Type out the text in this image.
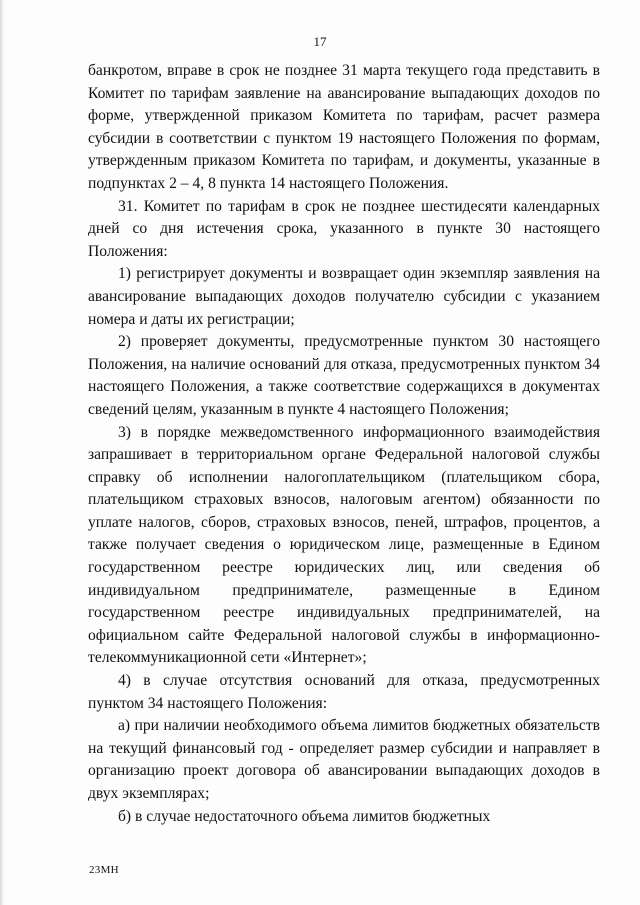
17

банкротом, вправе в срок не позднее 31 марта текущего года представить в Комитет по тарифам заявление на авансирование выпадающих доходов по форме, утвержденной приказом Комитета по тарифам, расчет размера субсидии в соответствии с пунктом 19 настоящего Положения по формам, утвержденным приказом Комитета по тарифам, и документы, указанные в подпунктах 2 – 4, 8 пункта 14 настоящего Положения.

31. Комитет по тарифам в срок не позднее шестидесяти календарных дней со дня истечения срока, указанного в пункте 30 настоящего Положения:

1) регистрирует документы и возвращает один экземпляр заявления на авансирование выпадающих доходов получателю субсидии с указанием номера и даты их регистрации;

2) проверяет документы, предусмотренные пунктом 30 настоящего Положения, на наличие оснований для отказа, предусмотренных пунктом 34 настоящего Положения, а также соответствие содержащихся в документах сведений целям, указанным в пункте 4 настоящего Положения;

3) в порядке межведомственного информационного взаимодействия запрашивает в территориальном органе Федеральной налоговой службы справку об исполнении налогоплательщиком (плательщиком сбора, плательщиком страховых взносов, налоговым агентом) обязанности по уплате налогов, сборов, страховых взносов, пеней, штрафов, процентов, а также получает сведения о юридическом лице, размещенные в Едином государственном реестре юридических лиц, или сведения об индивидуальном предпринимателе, размещенные в Едином государственном реестре индивидуальных предпринимателей, на официальном сайте Федеральной налоговой службы в информационно-телекоммуникационной сети «Интернет»;

4) в случае отсутствия оснований для отказа, предусмотренных пунктом 34 настоящего Положения:

а) при наличии необходимого объема лимитов бюджетных обязательств на текущий финансовый год - определяет размер субсидии и направляет в организацию проект договора об авансировании выпадающих доходов в двух экземплярах;

б) в случае недостаточного объема лимитов бюджетных

23МН
